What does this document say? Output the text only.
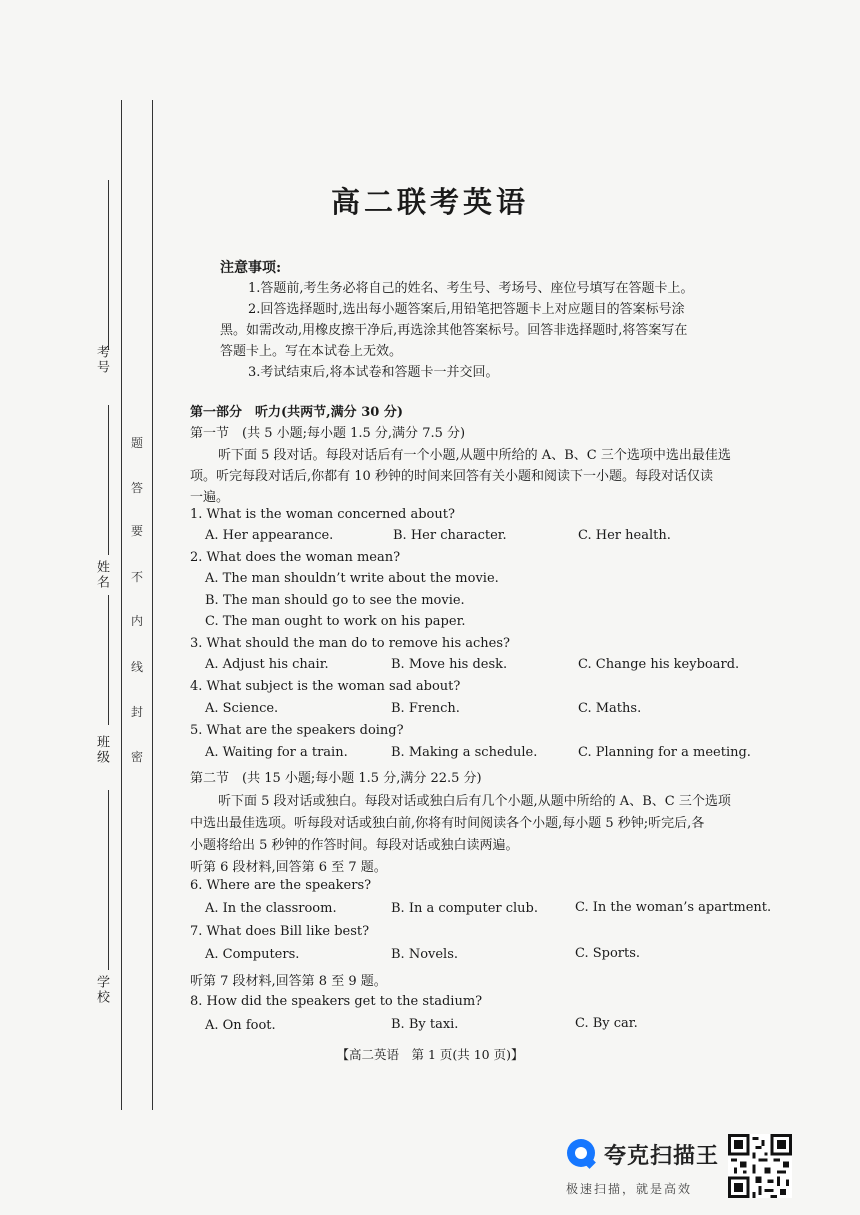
考号
姓名
班级
学校
题
答
要
不
内
线
封
密
高二联考英语
注意事项:
1.答题前,考生务必将自己的姓名、考生号、考场号、座位号填写在答题卡上。
2.回答选择题时,选出每小题答案后,用铅笔把答题卡上对应题目的答案标号涂
黑。如需改动,用橡皮擦干净后,再选涂其他答案标号。回答非选择题时,将答案写在
答题卡上。写在本试卷上无效。
3.考试结束后,将本试卷和答题卡一并交回。
第一部分　听力(共两节,满分 30 分)
第一节　(共 5 小题;每小题 1.5 分,满分 7.5 分)
听下面 5 段对话。每段对话后有一个小题,从题中所给的 A、B、C 三个选项中选出最佳选
项。听完每段对话后,你都有 10 秒钟的时间来回答有关小题和阅读下一小题。每段对话仅读
一遍。
1. What is the woman concerned about?
A. Her appearance.	B. Her character.	C. Her health.
2. What does the woman mean?
A. The man shouldn’t write about the movie.
B. The man should go to see the movie.
C. The man ought to work on his paper.
3. What should the man do to remove his aches?
A. Adjust his chair.	B. Move his desk.	C. Change his keyboard.
4. What subject is the woman sad about?
A. Science.	B. French.	C. Maths.
5. What are the speakers doing?
A. Waiting for a train.	B. Making a schedule.	C. Planning for a meeting.
第二节　(共 15 小题;每小题 1.5 分,满分 22.5 分)
听下面 5 段对话或独白。每段对话或独白后有几个小题,从题中所给的 A、B、C 三个选项
中选出最佳选项。听每段对话或独白前,你将有时间阅读各个小题,每小题 5 秒钟;听完后,各
小题将给出 5 秒钟的作答时间。每段对话或独白读两遍。
听第 6 段材料,回答第 6 至 7 题。
6. Where are the speakers?
A. In the classroom.	B. In a computer club.	C. In the woman’s apartment.
7. What does Bill like best?
A. Computers.	B. Novels.	C. Sports.
听第 7 段材料,回答第 8 至 9 题。
8. How did the speakers get to the stadium?
A. On foot.	B. By taxi.	C. By car.
【高二英语　第 1 页(共 10 页)】
夸克扫描王
极速扫描，就是高效
